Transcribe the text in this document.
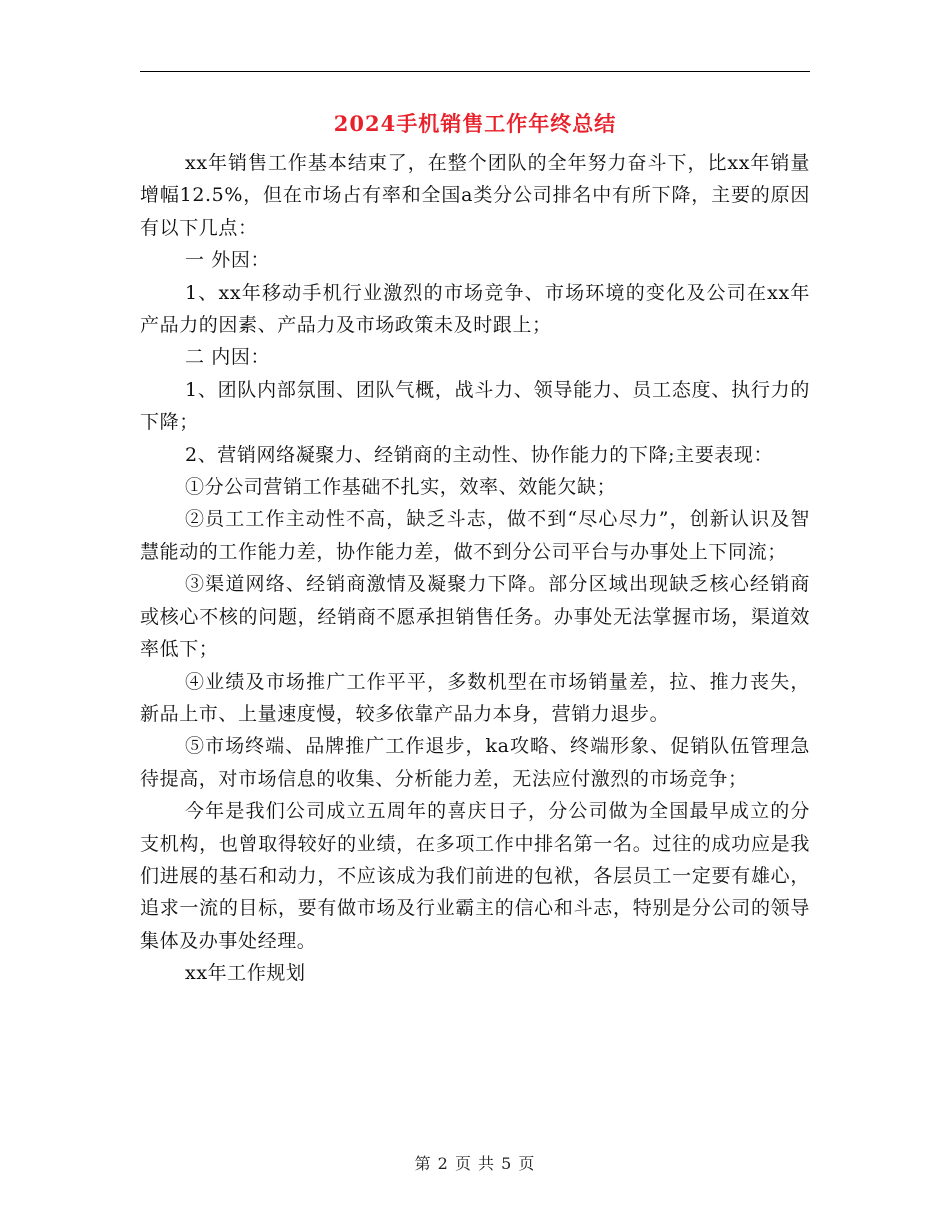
2024手机销售工作年终总结

xx年销售工作基本结束了，在整个团队的全年努力奋斗下，比xx年销量增幅12.5%，但在市场占有率和全国a类分公司排名中有所下降，主要的原因有以下几点：

一 外因：

1、xx年移动手机行业激烈的市场竞争、市场环境的变化及公司在xx年产品力的因素、产品力及市场政策未及时跟上；

二 内因：

1、团队内部氛围、团队气概，战斗力、领导能力、员工态度、执行力的下降；

2、营销网络凝聚力、经销商的主动性、协作能力的下降;主要表现：

①分公司营销工作基础不扎实，效率、效能欠缺；

②员工工作主动性不高，缺乏斗志，做不到“尽心尽力”，创新认识及智慧能动的工作能力差，协作能力差，做不到分公司平台与办事处上下同流；

③渠道网络、经销商激情及凝聚力下降。部分区域出现缺乏核心经销商或核心不核的问题，经销商不愿承担销售任务。办事处无法掌握市场，渠道效率低下；

④业绩及市场推广工作平平，多数机型在市场销量差，拉、推力丧失，新品上市、上量速度慢，较多依靠产品力本身，营销力退步。

⑤市场终端、品牌推广工作退步，ka攻略、终端形象、促销队伍管理急待提高，对市场信息的收集、分析能力差，无法应付激烈的市场竞争；

今年是我们公司成立五周年的喜庆日子，分公司做为全国最早成立的分支机构，也曾取得较好的业绩，在多项工作中排名第一名。过往的成功应是我们进展的基石和动力，不应该成为我们前进的包袱，各层员工一定要有雄心，追求一流的目标，要有做市场及行业霸主的信心和斗志，特别是分公司的领导集体及办事处经理。

xx年工作规划

第 2 页 共 5 页
